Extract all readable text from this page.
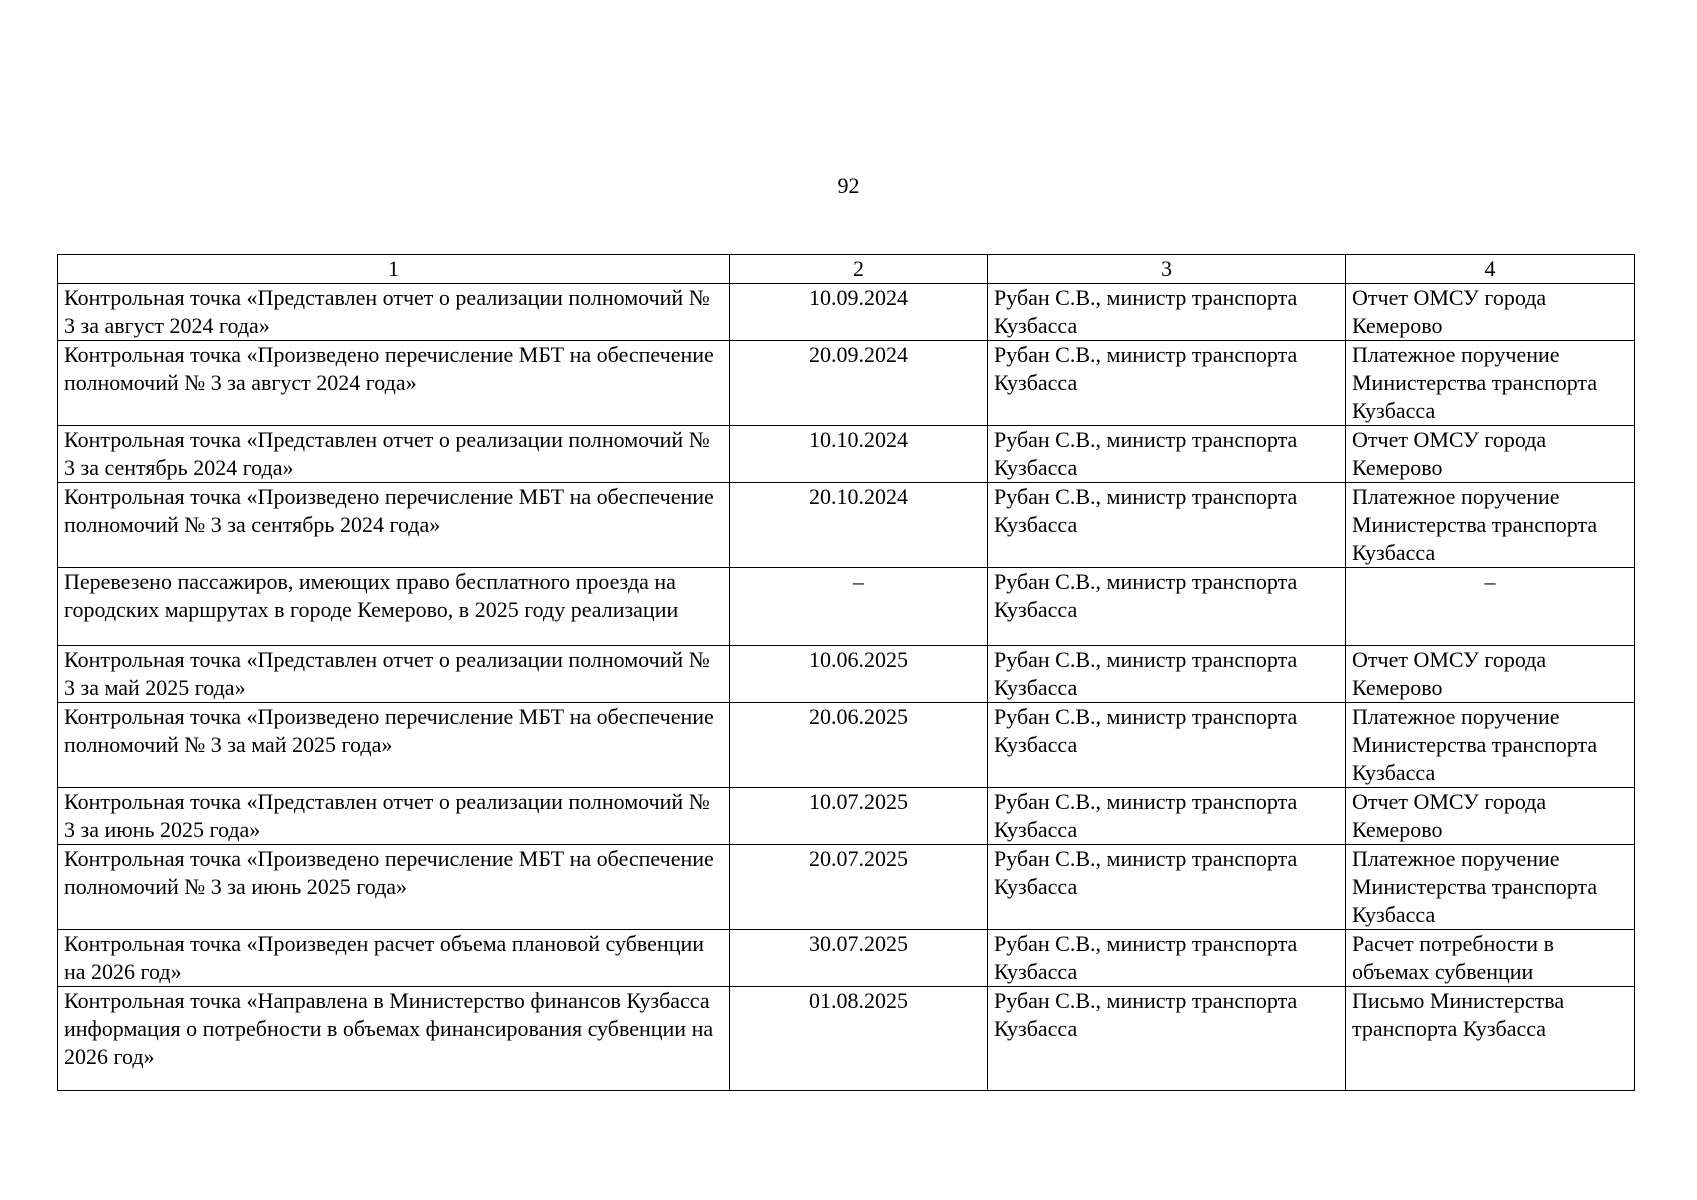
92
1	2	3	4
Контрольная точка «Представлен отчет о реализации полномочий № 3 за август 2024 года»	10.09.2024	Рубан С.В., министр транспорта Кузбасса	Отчет ОМСУ города Кемерово
Контрольная точка «Произведено перечисление МБТ на обеспечение полномочий № 3 за август 2024 года»	20.09.2024	Рубан С.В., министр транспорта Кузбасса	Платежное поручение Министерства транспорта Кузбасса
Контрольная точка «Представлен отчет о реализации полномочий № 3 за сентябрь 2024 года»	10.10.2024	Рубан С.В., министр транспорта Кузбасса	Отчет ОМСУ города Кемерово
Контрольная точка «Произведено перечисление МБТ на обеспечение полномочий № 3 за сентябрь 2024 года»	20.10.2024	Рубан С.В., министр транспорта Кузбасса	Платежное поручение Министерства транспорта Кузбасса
Перевезено пассажиров, имеющих право бесплатного проезда на городских маршрутах в городе Кемерово, в 2025 году реализации	–	Рубан С.В., министр транспорта Кузбасса	–
Контрольная точка «Представлен отчет о реализации полномочий № 3 за май 2025 года»	10.06.2025	Рубан С.В., министр транспорта Кузбасса	Отчет ОМСУ города Кемерово
Контрольная точка «Произведено перечисление МБТ на обеспечение полномочий № 3 за май 2025 года»	20.06.2025	Рубан С.В., министр транспорта Кузбасса	Платежное поручение Министерства транспорта Кузбасса
Контрольная точка «Представлен отчет о реализации полномочий № 3 за июнь 2025 года»	10.07.2025	Рубан С.В., министр транспорта Кузбасса	Отчет ОМСУ города Кемерово
Контрольная точка «Произведено перечисление МБТ на обеспечение полномочий № 3 за июнь 2025 года»	20.07.2025	Рубан С.В., министр транспорта Кузбасса	Платежное поручение Министерства транспорта Кузбасса
Контрольная точка «Произведен расчет объема плановой субвенции на 2026 год»	30.07.2025	Рубан С.В., министр транспорта Кузбасса	Расчет потребности в объемах субвенции
Контрольная точка «Направлена в Министерство финансов Кузбасса информация о потребности в объемах финансирования субвенции на 2026 год»	01.08.2025	Рубан С.В., министр транспорта Кузбасса	Письмо Министерства транспорта Кузбасса
